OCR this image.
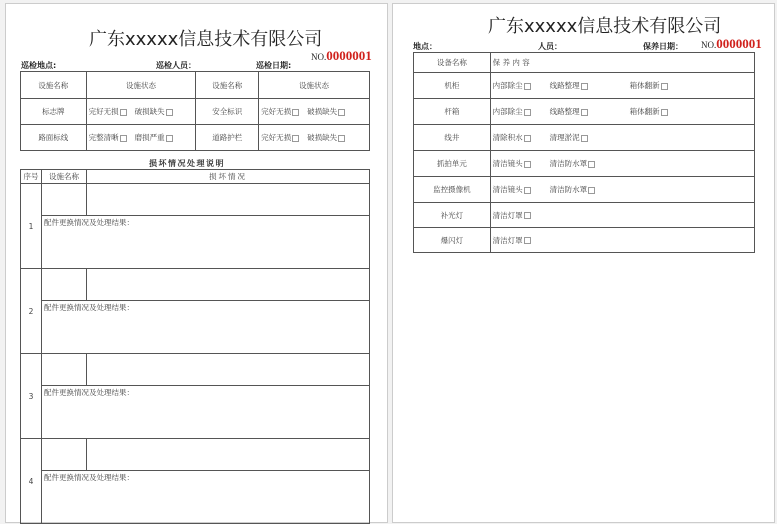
广东xxxxx信息技术有限公司
NO.0000001
巡检地点:	巡检人员：	巡检日期:
设施名称	设施状态	设施名称	设施状态
标志牌	完好无损 破损缺失	安全标识	完好无损 破损缺失
路面标线	完整清晰 磨损严重	道路护栏	完好无损 破损缺失
损坏情况处理说明
序号	设施名称	损坏情况
1		
	配件更换情况及处理结果：	
2		
	配件更换情况及处理结果：	
3		
	配件更换情况及处理结果：	
4		
	配件更换情况及处理结果：	
广东xxxxx信息技术有限公司
NO.0000001
地点：	人员：	保养日期：
设备名称	保 养 内 容
机柜	内部除尘 线路整理 箱体翻新
杆箱	内部除尘 线路整理 箱体翻新
线井	清除积水 清理淤泥
抓拍单元	清洁镜头 清洁防水罩
监控摄像机	清洁镜头 清洁防水罩
补光灯	清洁灯罩
爆闪灯	清洁灯罩
